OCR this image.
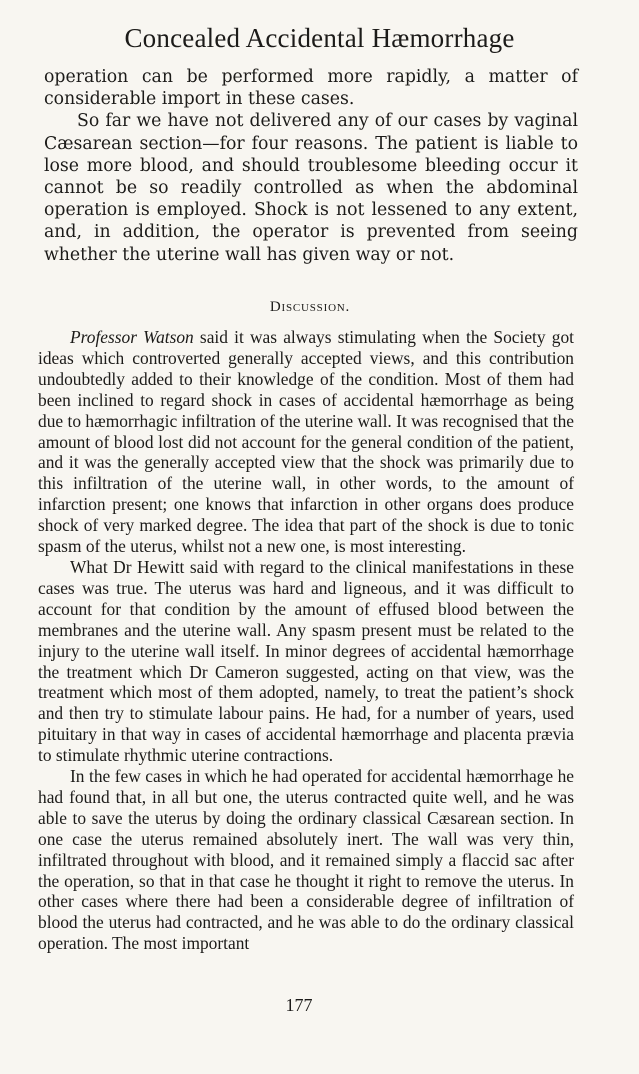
Concealed Accidental Hæmorrhage

operation can be performed more rapidly, a matter of considerable import in these cases.

So far we have not delivered any of our cases by vaginal Cæsarean section—for four reasons. The patient is liable to lose more blood, and should troublesome bleeding occur it cannot be so readily controlled as when the abdominal operation is employed. Shock is not lessened to any extent, and, in addition, the operator is prevented from seeing whether the uterine wall has given way or not.

Discussion.

Professor Watson said it was always stimulating when the Society got ideas which controverted generally accepted views, and this contribution undoubtedly added to their knowledge of the condition. Most of them had been inclined to regard shock in cases of accidental hæmorrhage as being due to hæmorrhagic infiltration of the uterine wall. It was recognised that the amount of blood lost did not account for the general condition of the patient, and it was the generally accepted view that the shock was primarily due to this infiltration of the uterine wall, in other words, to the amount of infarction present; one knows that infarction in other organs does produce shock of very marked degree. The idea that part of the shock is due to tonic spasm of the uterus, whilst not a new one, is most interesting.

What Dr Hewitt said with regard to the clinical manifestations in these cases was true. The uterus was hard and ligneous, and it was difficult to account for that condition by the amount of effused blood between the membranes and the uterine wall. Any spasm present must be related to the injury to the uterine wall itself. In minor degrees of accidental hæmorrhage the treatment which Dr Cameron suggested, acting on that view, was the treatment which most of them adopted, namely, to treat the patient’s shock and then try to stimulate labour pains. He had, for a number of years, used pituitary in that way in cases of accidental hæmorrhage and placenta prævia to stimulate rhythmic uterine contractions.

In the few cases in which he had operated for accidental hæmorrhage he had found that, in all but one, the uterus contracted quite well, and he was able to save the uterus by doing the ordinary classical Cæsarean section. In one case the uterus remained absolutely inert. The wall was very thin, infiltrated throughout with blood, and it remained simply a flaccid sac after the operation, so that in that case he thought it right to remove the uterus. In other cases where there had been a considerable degree of infiltration of blood the uterus had contracted, and he was able to do the ordinary classical operation. The most important

177
